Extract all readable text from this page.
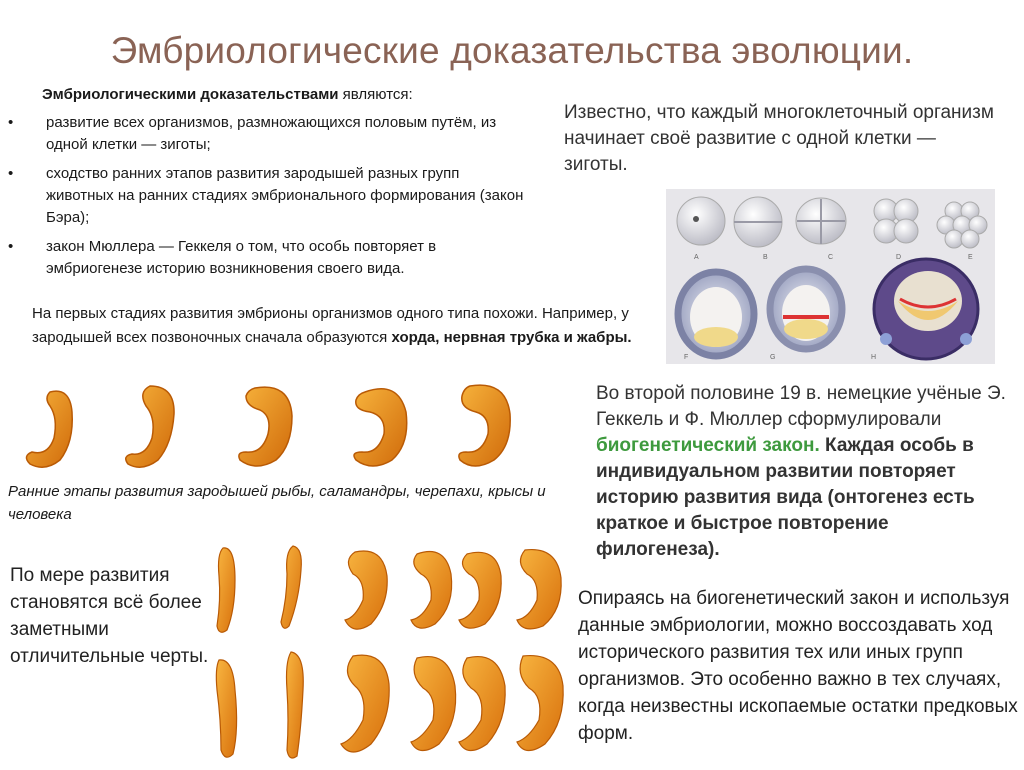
Эмбриологические доказательства эволюции.
Эмбриологическими доказательствами являются:
• развитие всех организмов, размножающихся половым путём, из одной клетки — зиготы;
• сходство ранних этапов развития зародышей разных групп животных на ранних стадиях эмбрионального формирования (закон Бэра);
• закон Мюллера — Геккеля о том, что особь повторяет в эмбриогенезе историю возникновения своего вида.
На первых стадиях развития эмбрионы организмов одного типа похожи. Например, у зародышей всех позвоночных сначала образуются хорда, нервная трубка и жабры.
Известно, что каждый многоклеточный организм начинает своё развитие с одной клетки — зиготы.
A	B	C	D	E
F	G	H
Ранние этапы развития зародышей рыбы, саламандры, черепахи, крысы и человека
По мере развития становятся всё более заметными отличительные черты.
Во второй половине 19 в. немецкие учёные Э. Геккель и Ф. Мюллер сформулировали биогенетический закон. Каждая особь в индивидуальном развитии повторяет историю развития вида (онтогенез есть краткое и быстрое повторение филогенеза).
Опираясь на биогенетический закон и используя данные эмбриологии, можно воссоздавать ход исторического развития тех или иных групп организмов. Это особенно важно в тех случаях, когда неизвестны ископаемые остатки предковых форм.
